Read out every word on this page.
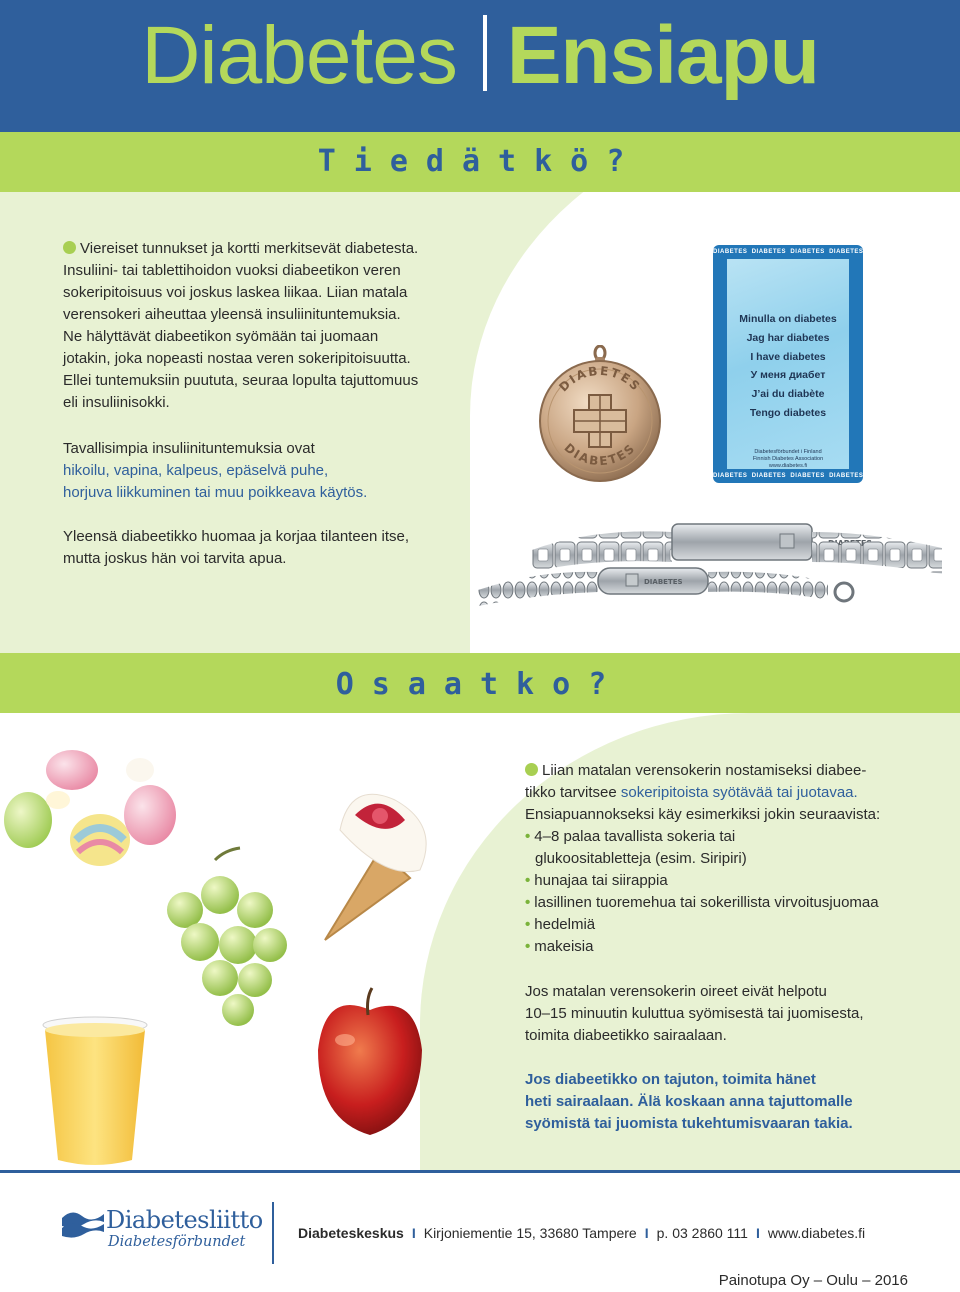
Diabetes Ensiapu
Tiedätkö?
Viereiset tunnukset ja kortti merkitsevät diabetesta.
Insuliini- tai tablettihoidon vuoksi diabeetikon veren
sokeripitoisuus voi joskus laskea liikaa. Liian matala
verensokeri aiheuttaa yleensä insuliinituntemuksia.
Ne hälyttävät diabeetikon syömään tai juomaan
jotakin, joka nopeasti nostaa veren sokeripitoisuutta.
Ellei tuntemuksiin puututa, seuraa lopulta tajuttomuus
eli insuliinisokki.
Tavallisimpia insuliinituntemuksia ovat
hikoilu, vapina, kalpeus, epäselvä puhe,
horjuva liikkuminen tai muu poikkeava käytös.
Yleensä diabeetikko huomaa ja korjaa tilanteen itse,
mutta joskus hän voi tarvita apua.
DIABETES
DIABETES
DIABETES DIABETES DIABETES DIABETES
DIABETES DIABETES DIABETES DIABETES
Minulla on diabetes
Jag har diabetes
I have diabetes
У меня диабет
J’ai du diabète
Tengo diabetes
Diabetesförbundet i Finland
Finnish Diabetes Association
www.diabetes.fi
DIABETES
Osaatko?
Liian matalan verensokerin nostamiseksi diabee-
tikko tarvitsee sokeripitoista syötävää tai juotavaa.
Ensiapuannokseksi käy esimerkiksi jokin seuraavista:
• 4–8 palaa tavallista sokeria tai
glukoositabletteja (esim. Siripiri)
• hunajaa tai siirappia
• lasillinen tuoremehua tai sokerillista virvoitusjuomaa
• hedelmiä
• makeisia
Jos matalan verensokerin oireet eivät helpotu
10–15 minuutin kuluttua syömisestä tai juomisesta,
toimita diabeetikko sairaalaan.
Jos diabeetikko on tajuton, toimita hänet
heti sairaalaan. Älä koskaan anna tajuttomalle
syömistä tai juomista tukehtumisvaaran takia.
Diabetesliitto
Diabetesförbundet
Diabeteskeskus I Kirjoniementie 15, 33680 Tampere I p. 03 2860 111 I www.diabetes.fi
Painotupa Oy – Oulu – 2016
